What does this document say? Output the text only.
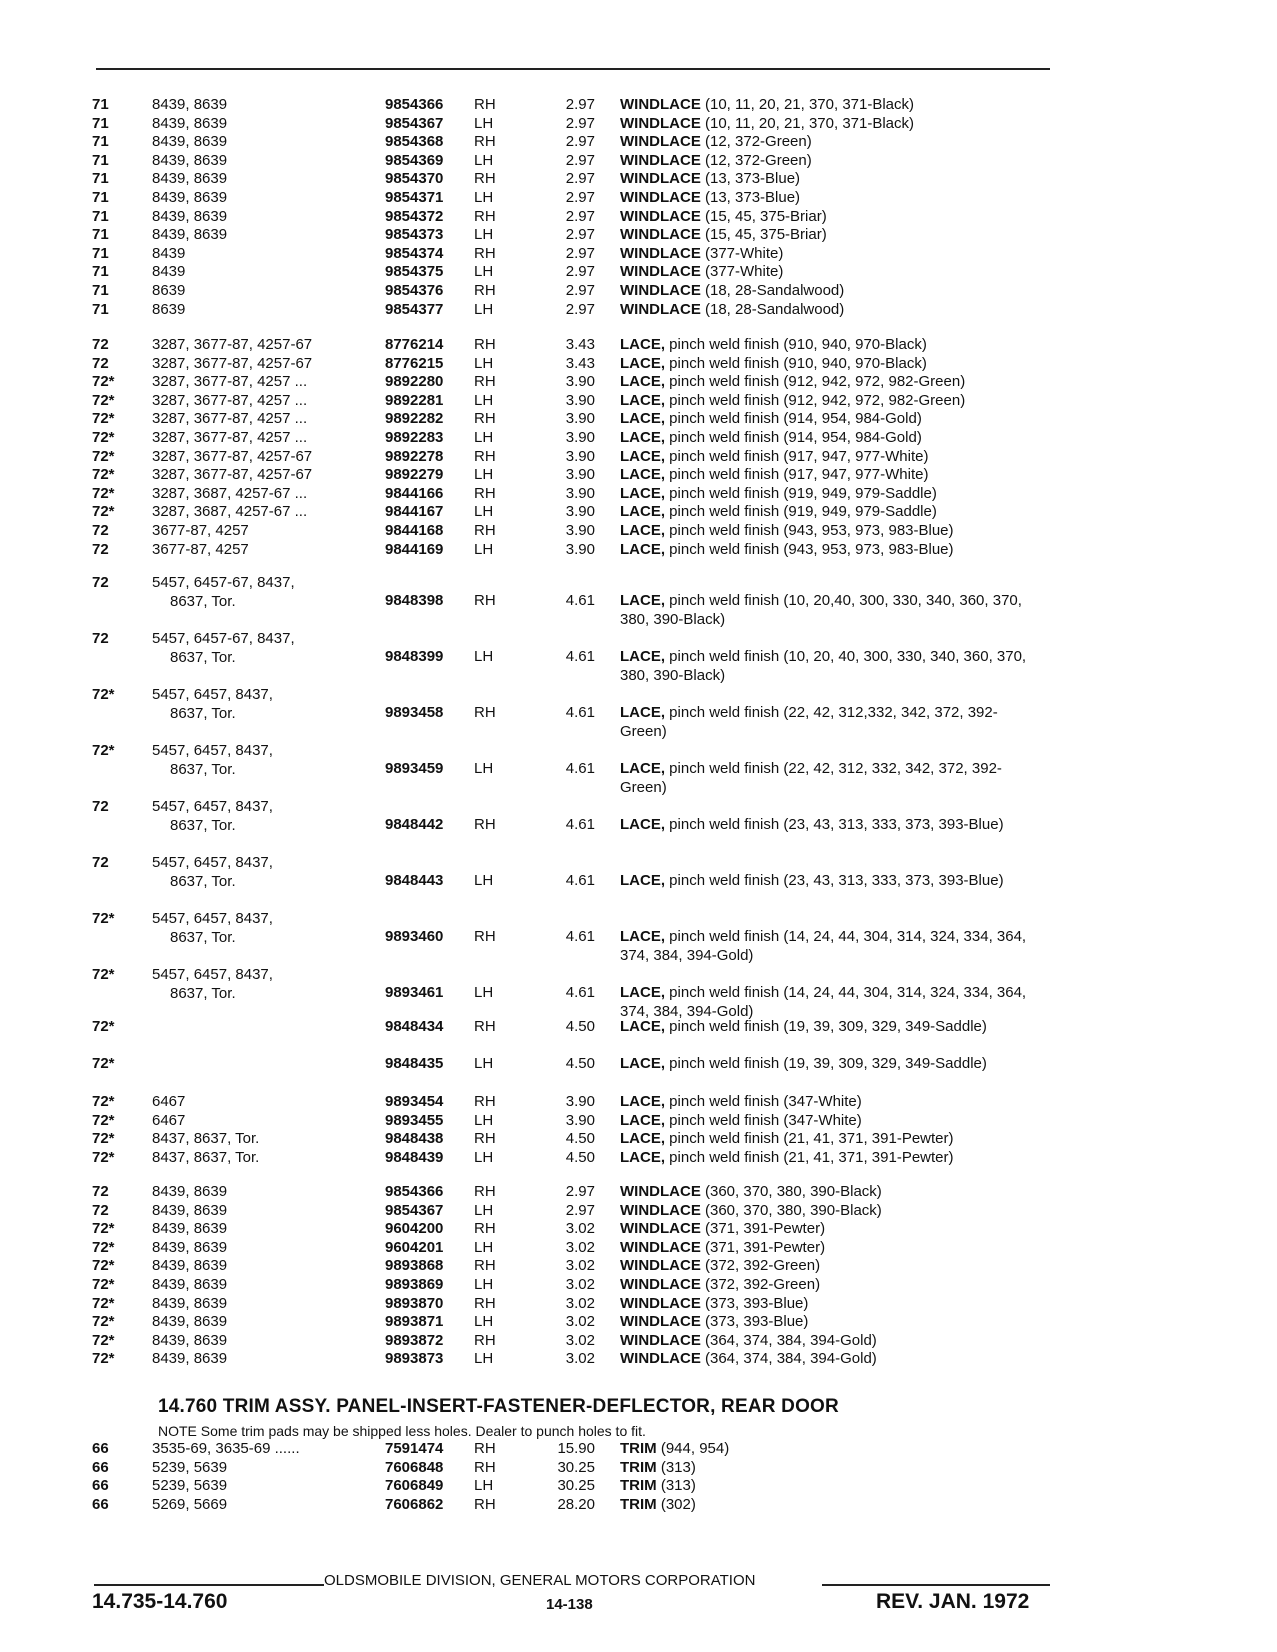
71	8439, 8639	9854366 RH	2.97 WINDLACE (10, 11, 20, 21, 370, 371-Black)
71	8439, 8639	9854367 LH	2.97 WINDLACE (10, 11, 20, 21, 370, 371-Black)
71	8439, 8639	9854368 RH	2.97 WINDLACE (12, 372-Green)
71	8439, 8639	9854369 LH	2.97 WINDLACE (12, 372-Green)
71	8439, 8639	9854370 RH	2.97 WINDLACE (13, 373-Blue)
71	8439, 8639	9854371 LH	2.97 WINDLACE (13, 373-Blue)
71	8439, 8639	9854372 RH	2.97 WINDLACE (15, 45, 375-Briar)
71	8439, 8639	9854373 LH	2.97 WINDLACE (15, 45, 375-Briar)
71	8439	9854374 RH	2.97 WINDLACE (377-White)
71	8439	9854375 LH	2.97 WINDLACE (377-White)
71	8639	9854376 RH	2.97 WINDLACE (18, 28-Sandalwood)
71	8639	9854377 LH	2.97 WINDLACE (18, 28-Sandalwood)
72	3287, 3677-87, 4257-67	8776214 RH	3.43 LACE, pinch weld finish (910, 940, 970-Black)
72	3287, 3677-87, 4257-67	8776215 LH	3.43 LACE, pinch weld finish (910, 940, 970-Black)
72* 3287, 3677-87, 4257 ...	9892280 RH	3.90 LACE, pinch weld finish (912, 942, 972, 982-Green)
72* 3287, 3677-87, 4257 ...	9892281 LH	3.90 LACE, pinch weld finish (912, 942, 972, 982-Green)
72* 3287, 3677-87, 4257 ...	9892282 RH	3.90 LACE, pinch weld finish (914, 954, 984-Gold)
72* 3287, 3677-87, 4257 ...	9892283 LH	3.90 LACE, pinch weld finish (914, 954, 984-Gold)
72* 3287, 3677-87, 4257-67	9892278 RH	3.90 LACE, pinch weld finish (917, 947, 977-White)
72* 3287, 3677-87, 4257-67	9892279 LH	3.90 LACE, pinch weld finish (917, 947, 977-White)
72* 3287, 3687, 4257-67 ...	9844166 RH	3.90 LACE, pinch weld finish (919, 949, 979-Saddle)
72* 3287, 3687, 4257-67 ...	9844167 LH	3.90 LACE, pinch weld finish (919, 949, 979-Saddle)
72	3677-87, 4257	9844168 RH	3.90 LACE, pinch weld finish (943, 953, 973, 983-Blue)
72	3677-87, 4257	9844169 LH	3.90 LACE, pinch weld finish (943, 953, 973, 983-Blue)
72	5457, 6457-67, 8437,
8637, Tor.	9848398 RH	4.61 LACE, pinch weld finish (10, 20,40, 300, 330, 340, 360, 370, 380, 390-Black)
72	5457, 6457-67, 8437,
8637, Tor.	9848399 LH	4.61 LACE, pinch weld finish (10, 20, 40, 300, 330, 340, 360, 370, 380, 390-Black)
72* 5457, 6457, 8437,
8637, Tor.	9893458 RH	4.61 LACE, pinch weld finish (22, 42, 312,332, 342, 372, 392-Green)
72* 5457, 6457, 8437,
8637, Tor.	9893459 LH	4.61 LACE, pinch weld finish (22, 42, 312, 332, 342, 372, 392-Green)
72	5457, 6457, 8437,
8637, Tor.	9848442 RH	4.61 LACE, pinch weld finish (23, 43, 313, 333, 373, 393-Blue)
72	5457, 6457, 8437,
8637, Tor.	9848443 LH	4.61 LACE, pinch weld finish (23, 43, 313, 333, 373, 393-Blue)
72* 5457, 6457, 8437,
8637, Tor.	9893460 RH	4.61 LACE, pinch weld finish (14, 24, 44, 304, 314, 324, 334, 364, 374, 384, 394-Gold)
72* 5457, 6457, 8437,
8637, Tor.	9893461 LH	4.61 LACE, pinch weld finish (14, 24, 44, 304, 314, 324, 334, 364, 374, 384, 394-Gold)
72*	9848434 RH	4.50 LACE, pinch weld finish (19, 39, 309, 329, 349-Saddle)
72*	9848435 LH	4.50 LACE, pinch weld finish (19, 39, 309, 329, 349-Saddle)
72* 6467	9893454 RH	3.90 LACE, pinch weld finish (347-White)
72* 6467	9893455 LH	3.90 LACE, pinch weld finish (347-White)
72* 8437, 8637, Tor.	9848438 RH	4.50 LACE, pinch weld finish (21, 41, 371, 391-Pewter)
72* 8437, 8637, Tor.	9848439 LH	4.50 LACE, pinch weld finish (21, 41, 371, 391-Pewter)
72	8439, 8639	9854366 RH	2.97 WINDLACE (360, 370, 380, 390-Black)
72	8439, 8639	9854367 LH	2.97 WINDLACE (360, 370, 380, 390-Black)
72* 8439, 8639	9604200 RH	3.02 WINDLACE (371, 391-Pewter)
72* 8439, 8639	9604201 LH	3.02 WINDLACE (371, 391-Pewter)
72* 8439, 8639	9893868 RH	3.02 WINDLACE (372, 392-Green)
72* 8439, 8639	9893869 LH	3.02 WINDLACE (372, 392-Green)
72* 8439, 8639	9893870 RH	3.02 WINDLACE (373, 393-Blue)
72* 8439, 8639	9893871 LH	3.02 WINDLACE (373, 393-Blue)
72* 8439, 8639	9893872 RH	3.02 WINDLACE (364, 374, 384, 394-Gold)
72* 8439, 8639	9893873 LH	3.02 WINDLACE (364, 374, 384, 394-Gold)
14.760 TRIM ASSY. PANEL-INSERT-FASTENER-DEFLECTOR, REAR DOOR
NOTE Some trim pads may be shipped less holes. Dealer to punch holes to fit.
66	3535-69, 3635-69 ......	7591474 RH	15.90 TRIM (944, 954)
66	5239, 5639	7606848 RH	30.25 TRIM (313)
66	5239, 5639	7606849 LH	30.25 TRIM (313)
66	5269, 5669	7606862 RH	28.20 TRIM (302)
OLDSMOBILE DIVISION, GENERAL MOTORS CORPORATION
14.735-14.760	14-138	REV. JAN. 1972
